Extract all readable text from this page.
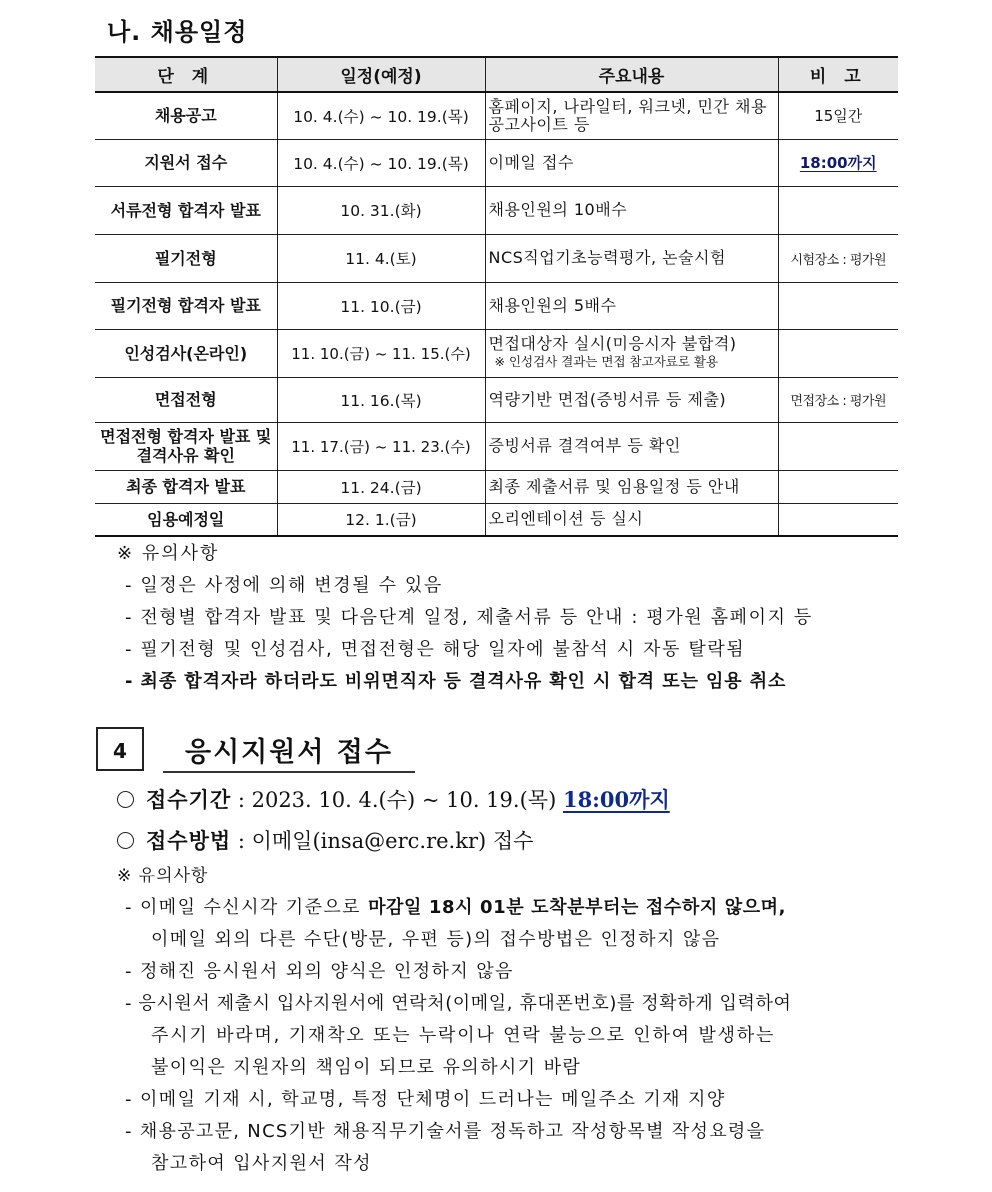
나. 채용일정
단 계	일정(예정)	주요내용	비 고
채용공고	10. 4.(수) ~ 10. 19.(목)	홈페이지, 나라일터, 워크넷, 민간 채용공고사이트 등	15일간
지원서 접수	10. 4.(수) ~ 10. 19.(목)	이메일 접수	18:00까지
서류전형 합격자 발표	10. 31.(화)	채용인원의 10배수	
필기전형	11. 4.(토)	NCS직업기초능력평가, 논술시험	시험장소 : 평가원
필기전형 합격자 발표	11. 10.(금)	채용인원의 5배수	
인성검사(온라인)	11. 10.(금) ~ 11. 15.(수)	면접대상자 실시(미응시자 불합격)
※ 인성검사 결과는 면접 참고자료로 활용	

면접전형	11. 16.(목)	역량기반 면접(증빙서류 등 제출)	면접장소 : 평가원
면접전형 합격자 발표 및 결격사유 확인	11. 17.(금) ~ 11. 23.(수)	증빙서류 결격여부 등 확인	
최종 합격자 발표	11. 24.(금)	최종 제출서류 및 임용일정 등 안내	
임용예정일	12. 1.(금)	오리엔테이션 등 실시	
※ 유의사항
- 일정은 사정에 의해 변경될 수 있음
- 전형별 합격자 발표 및 다음단계 일정, 제출서류 등 안내 : 평가원 홈페이지 등
- 필기전형 및 인성검사, 면접전형은 해당 일자에 불참석 시 자동 탈락됨
- 최종 합격자라 하더라도 비위면직자 등 결격사유 확인 시 합격 또는 임용 취소
4	응시지원서 접수
접수기간 : 2023. 10. 4.(수) ~ 10. 19.(목) 18:00까지
접수방법 : 이메일(insa@erc.re.kr) 접수
※ 유의사항
- 이메일 수신시각 기준으로 마감일 18시 01분 도착분부터는 접수하지 않으며,
이메일 외의 다른 수단(방문, 우편 등)의 접수방법은 인정하지 않음
- 정해진 응시원서 외의 양식은 인정하지 않음
- 응시원서 제출시 입사지원서에 연락처(이메일, 휴대폰번호)를 정확하게 입력하여
주시기 바라며, 기재착오 또는 누락이나 연락 불능으로 인하여 발생하는
불이익은 지원자의 책임이 되므로 유의하시기 바람
- 이메일 기재 시, 학교명, 특정 단체명이 드러나는 메일주소 기재 지양
- 채용공고문, NCS기반 채용직무기술서를 정독하고 작성항목별 작성요령을
참고하여 입사지원서 작성
